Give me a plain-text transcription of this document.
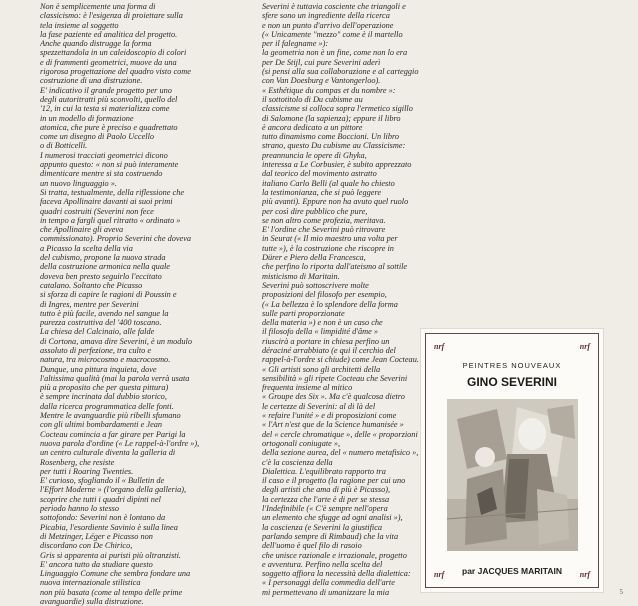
Non è semplicemente una forma di
classicismo: è l'esigenza di proiettare sulla
tela insieme al soggetto
la fase paziente ed analitica del progetto.
Anche quando distrugge la forma
spezzettandola in un caleidoscopio di colori
e di frammenti geometrici, muove da una
rigorosa progettazione del quadro visto come
costruzione di una distruzione.
E' indicativo il grande progetto per uno
degli autoritratti più sconvolti, quello del
'12, in cui la testa si materializza come
in un modello di formazione
atomica, che pure è preciso e quadrettato
come un disegno di Paolo Uccello
o di Botticelli.
I numerosi tracciati geometrici dicono
appunto questo: « non si può interamente
dimenticare mentre si sta costruendo
un nuovo linguaggio ».
Si tratta, testualmente, della riflessione che
faceva Apollinaire davanti ai suoi primi
quadri costruiti (Severini non fece
in tempo a fargli quel ritratto « ordinato »
che Apollinaire gli aveva
commissionato). Proprio Severini che doveva
a Picasso la scelta della via
del cubismo, propone la nuova strada
della costruzione armonica nella quale
doveva ben presto seguirlo l'eccitato
catalano. Soltanto che Picasso
si sforza di capire le ragioni di Poussin e
di Ingres, mentre per Severini
tutto è più facile, avendo nel sangue la
purezza costruttiva del '400 toscano.
La chiesa del Calcinaio, alle falde
di Cortona, amava dire Severini, è un modulo
assoluto di perfezione, tra culto e
natura, tra microcosmo e macrocosmo.
Dunque, una pittura inquieta, dove
l'altissima qualità (mai la parola verrà usata
più a proposito che per questa pittura)
è sempre incrinata dal dubbio storico,
dalla ricerca programmatica delle fonti.
Mentre le avanguardie più ribelli sfumano
con gli ultimi bombardamenti e Jean
Cocteau comincia a far girare per Parigi la
nuova parola d'ordine (« Le rappel-à-l'ordre »),
un centro culturale diventa la galleria di
Rosenberg, che resiste
per tutti i Roaring Twenties.
E' curioso, sfogliando il « Bulletin de
l'Effort Moderne » (l'organo della galleria),
scoprire che tutti i quadri dipinti nel
periodo hanno lo stesso
sottofondo: Severini non è lontano da
Picabia, l'esordiente Savinio è sulla linea
di Metzinger, Léger e Picasso non
discordano con De Chirico,
Gris si apparenta ai puristi più oltranzisti.
E' ancora tutto da studiare questo
Linguaggio Comune che sembra fondare una
nuova internazionale stilistica
non più basata (come al tempo delle prime
avanguardie) sulla distruzione.
Severini è tuttavia cosciente che triangoli e
sfere sono un ingrediente della ricerca
e non un punto d'arrivo dell'operazione
(« Unicamente "mezzo" come è il martello
per il falegname »):
la geometria non è un fine, come non lo era
per De Stijl, cui pure Severini aderì
(si pensi alla sua collaborazione e al carteggio
con Van Doesburg e Vantongerloo).
« Esthétique du compas et du nombre »:
il sottotitolo di Du cubisme au
classicisme si colloca sopra l'ermetico sigillo
di Salomone (la sapienza); eppure il libro
è ancora dedicato a un pittore
tutto dinamismo come Boccioni. Un libro
strano, questo Du cubisme au Classicisme:
preannuncia le opere di Ghyka,
interessa a Le Corbusier, è subito apprezzato
dal teorico del movimento astratto
italiano Carlo Belli (al quale ho chiesto
la testimonianza, che si può leggere
più avanti). Eppure non ha avuto quel ruolo
per così dire pubblico che pure,
se non altro come profezia, meritava.
E' l'ordine che Severini può ritrovare
in Seurat (« Il mio maestro una volta per
tutte »), è la costruzione che riscopre in
Dürer e Piero della Francesca,
che perfino lo riporta dall'ateismo al sottile
misticismo di Maritain.
Severini può sottoscrivere molte
proposizioni del filosofo per esempio,
(« La bellezza è lo splendore della forma
sulle parti proporzionate
della materia ») e non è un caso che
il filosofo della « limpidité d'âme »
riuscirà a portare in chiesa perfino un
déraciné arrabbiato (e qui il cerchio del
rappel-à-l'ordre si chiude) come Jean Cocteau.
« Gli artisti sono gli architetti della
sensibilità » gli ripete Cocteau che Severini
frequenta insieme al mitico
« Groupe des Six ». Ma c'è qualcosa dietro
le certezze di Severini: al di là del
« refaire l'unité » e di proposizioni come
« l'Art n'est que de la Science humanisée »
del « cercle chromatique », delle « proporzioni
ortogonali coniugate »,
della sezione aurea, del « numero metafisico »,
c'è la coscienza della
Dialettica. L'equilibrato rapporto tra
il caso e il progetto (la ragione per cui uno
degli artisti che ama di più è Picasso),
la certezza che l'arte è di per se stessa
l'Indefinibile (« C'è sempre nell'opera
un elemento che sfugge ad ogni analisi »),
la coscienza (e Severini la giustifica
parlando sempre di Rimbaud) che la vita
dell'uomo è quel filo di rasoio
che unisce razionale e irrazionale, progetto
e avventura. Perfino nella scelta del
soggetto affiora la necessità della dialettica:
« I personaggi della commedia dell'arte
mi permettevano di umanizzare la mia
nrf	nrf
nrf	nrf
PEINTRES NOUVEAUX
GINO SEVERINI
par JACQUES MARITAIN
5
